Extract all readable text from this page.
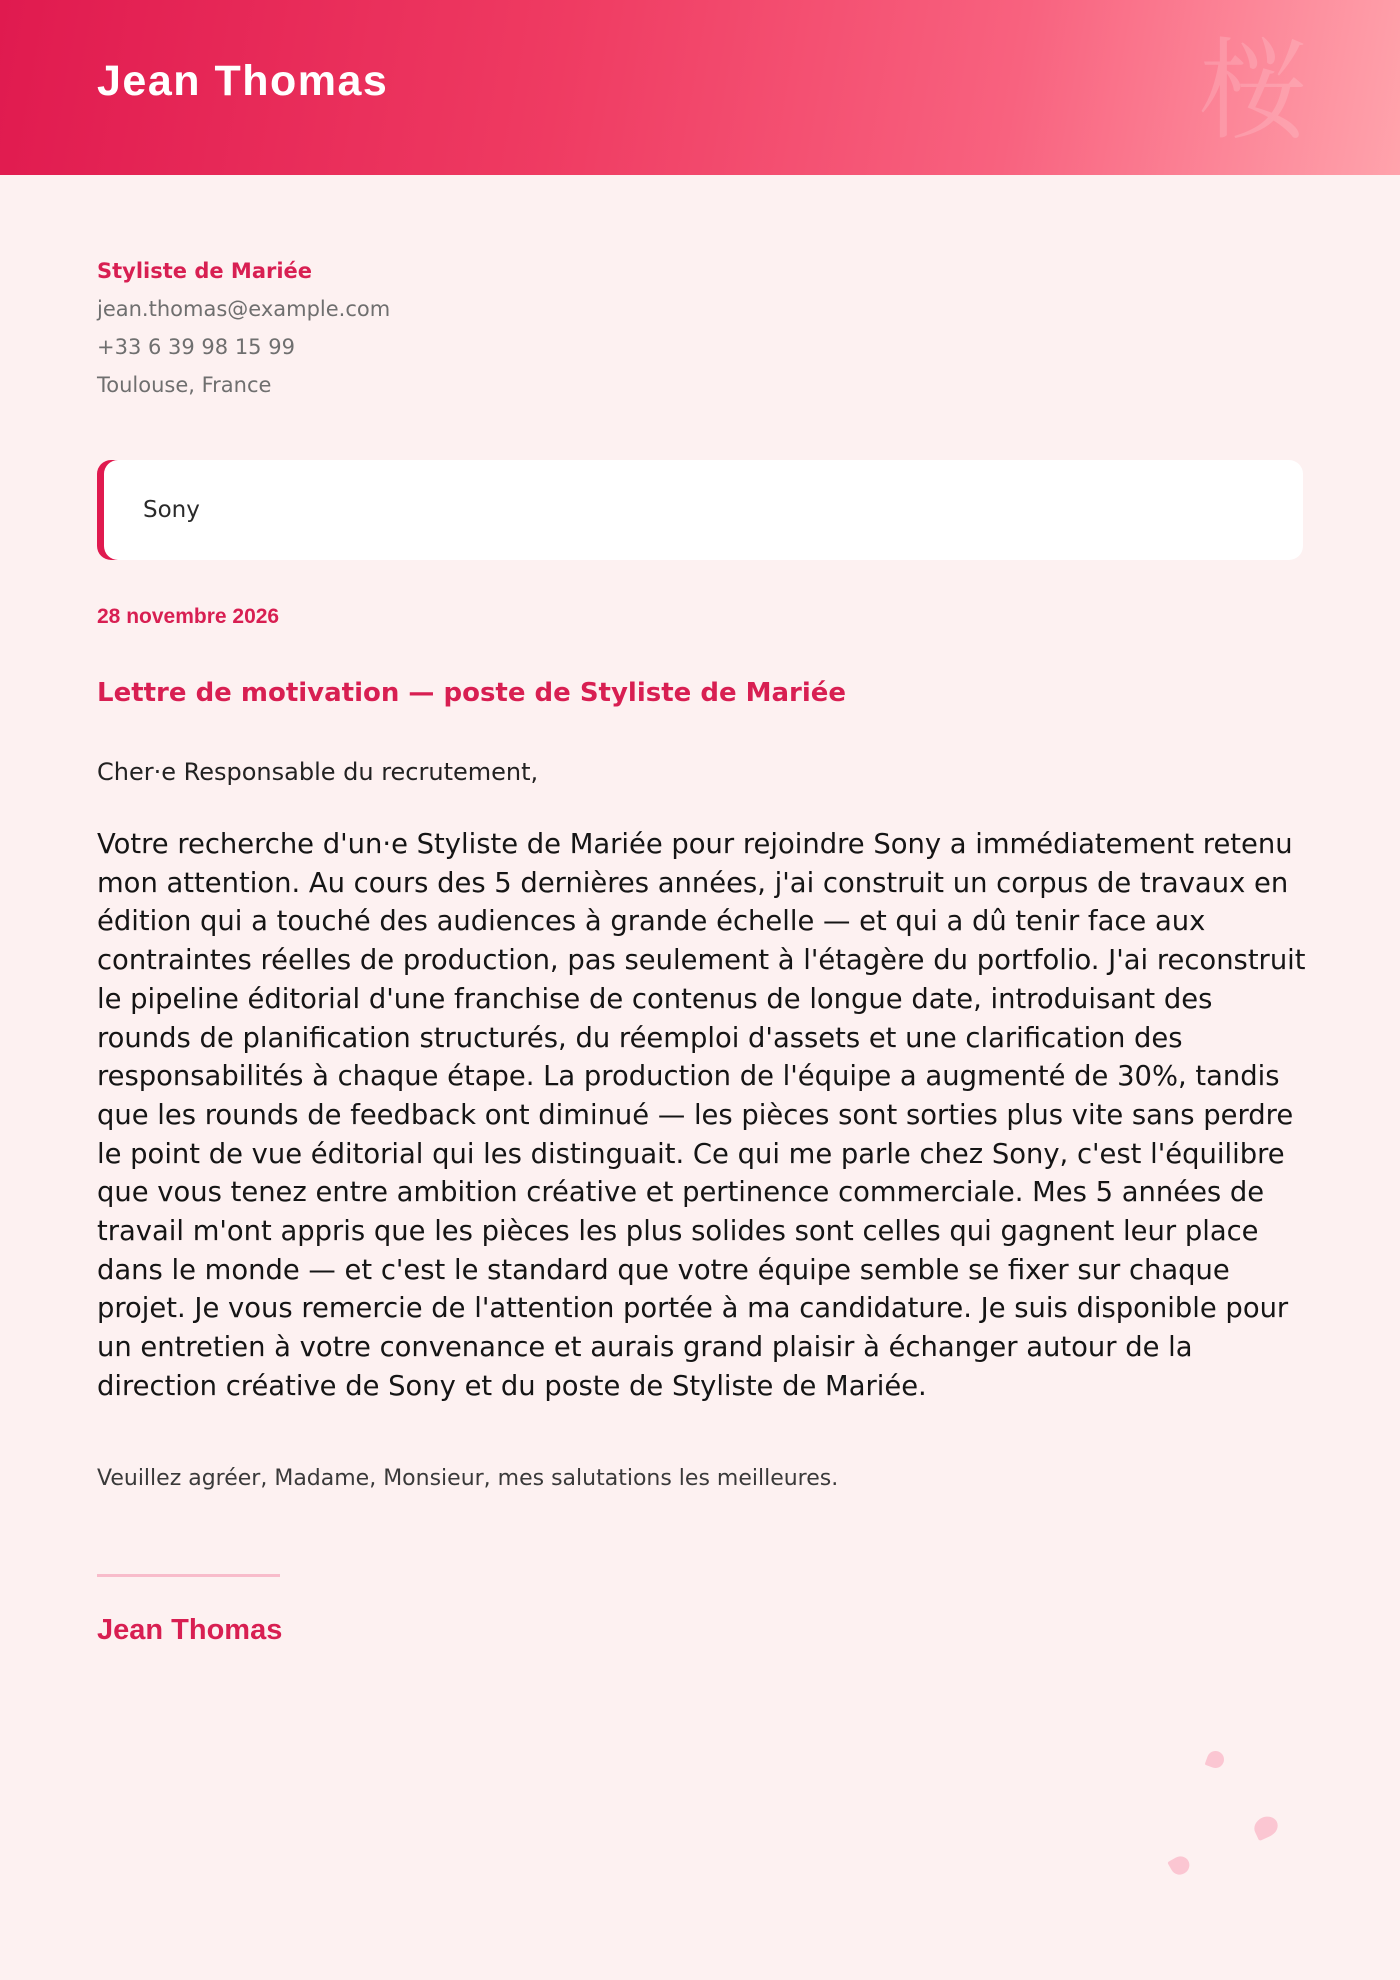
Jean Thomas	桜
Styliste de Mariée
jean.thomas@example.com
+33 6 39 98 15 99
Toulouse, France
Sony
28 novembre 2026
Lettre de motivation — poste de Styliste de Mariée
Cher·e Responsable du recrutement,

Votre recherche d'un·e Styliste de Mariée pour rejoindre Sony a immédiatement retenu mon attention. Au cours des 5 dernières années, j'ai construit un corpus de travaux en édition qui a touché des audiences à grande échelle — et qui a dû tenir face aux contraintes réelles de production, pas seulement à l'étagère du portfolio. J'ai reconstruit le pipeline éditorial d'une franchise de contenus de longue date, introduisant des rounds de planification structurés, du réemploi d'assets et une clarification des responsabilités à chaque étape. La production de l'équipe a augmenté de 30%, tandis que les rounds de feedback ont diminué — les pièces sont sorties plus vite sans perdre le point de vue éditorial qui les distinguait. Ce qui me parle chez Sony, c'est l'équilibre que vous tenez entre ambition créative et pertinence commerciale. Mes 5 années de travail m'ont appris que les pièces les plus solides sont celles qui gagnent leur place dans le monde — et c'est le standard que votre équipe semble se fixer sur chaque projet. Je vous remercie de l'attention portée à ma candidature. Je suis disponible pour un entretien à votre convenance et aurais grand plaisir à échanger autour de la direction créative de Sony et du poste de Styliste de Mariée.

Veuillez agréer, Madame, Monsieur, mes salutations les meilleures.
Jean Thomas
